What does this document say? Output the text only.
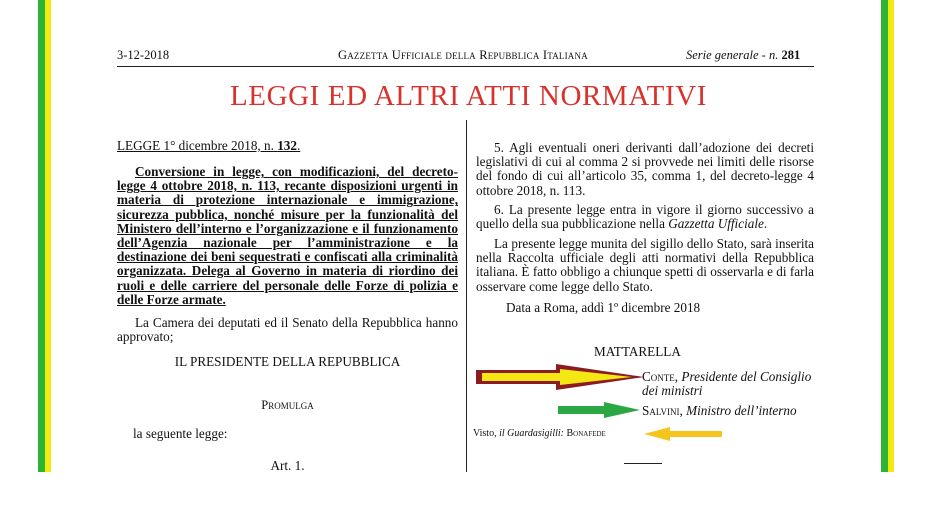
3-12-2018	Gazzetta Ufficiale della Repubblica Italiana	Serie generale - n. 281
LEGGI ED ALTRI ATTI NORMATIVI
LEGGE 1° dicembre 2018, n. 132.

Conversione in legge, con modificazioni, del decreto-legge 4 ottobre 2018, n. 113, recante disposizioni urgenti in materia di protezione internazionale e immigrazione, sicurezza pubblica, nonché misure per la funzionalità del Ministero dell’interno e l’organizzazione e il funzionamento dell’Agenzia nazionale per l’amministrazione e la destinazione dei beni sequestrati e confiscati alla criminalità organizzata. Delega al Governo in materia di riordino dei ruoli e delle carriere del personale delle Forze di polizia e delle Forze armate.

La Camera dei deputati ed il Senato della Repubblica hanno approvato;

IL PRESIDENTE DELLA REPUBBLICA
Promulga
la seguente legge:
Art. 1.

5. Agli eventuali oneri derivanti dall’adozione dei decreti legislativi di cui al comma 2 si provvede nei limiti delle risorse del fondo di cui all’articolo 35, comma 1, del decreto-legge 4 ottobre 2018, n. 113.

6. La presente legge entra in vigore il giorno successivo a quello della sua pubblicazione nella Gazzetta Ufficiale.

La presente legge munita del sigillo dello Stato, sarà inserita nella Raccolta ufficiale degli atti normativi della Repubblica italiana. È fatto obbligo a chiunque spetti di osservarla e di farla osservare come legge dello Stato.

Data a Roma, addì 1º dicembre 2018
MATTARELLA
Conte, Presidente del Consiglio dei ministri
Salvini, Ministro dell’interno
Visto, il Guardasigilli: Bonafede
